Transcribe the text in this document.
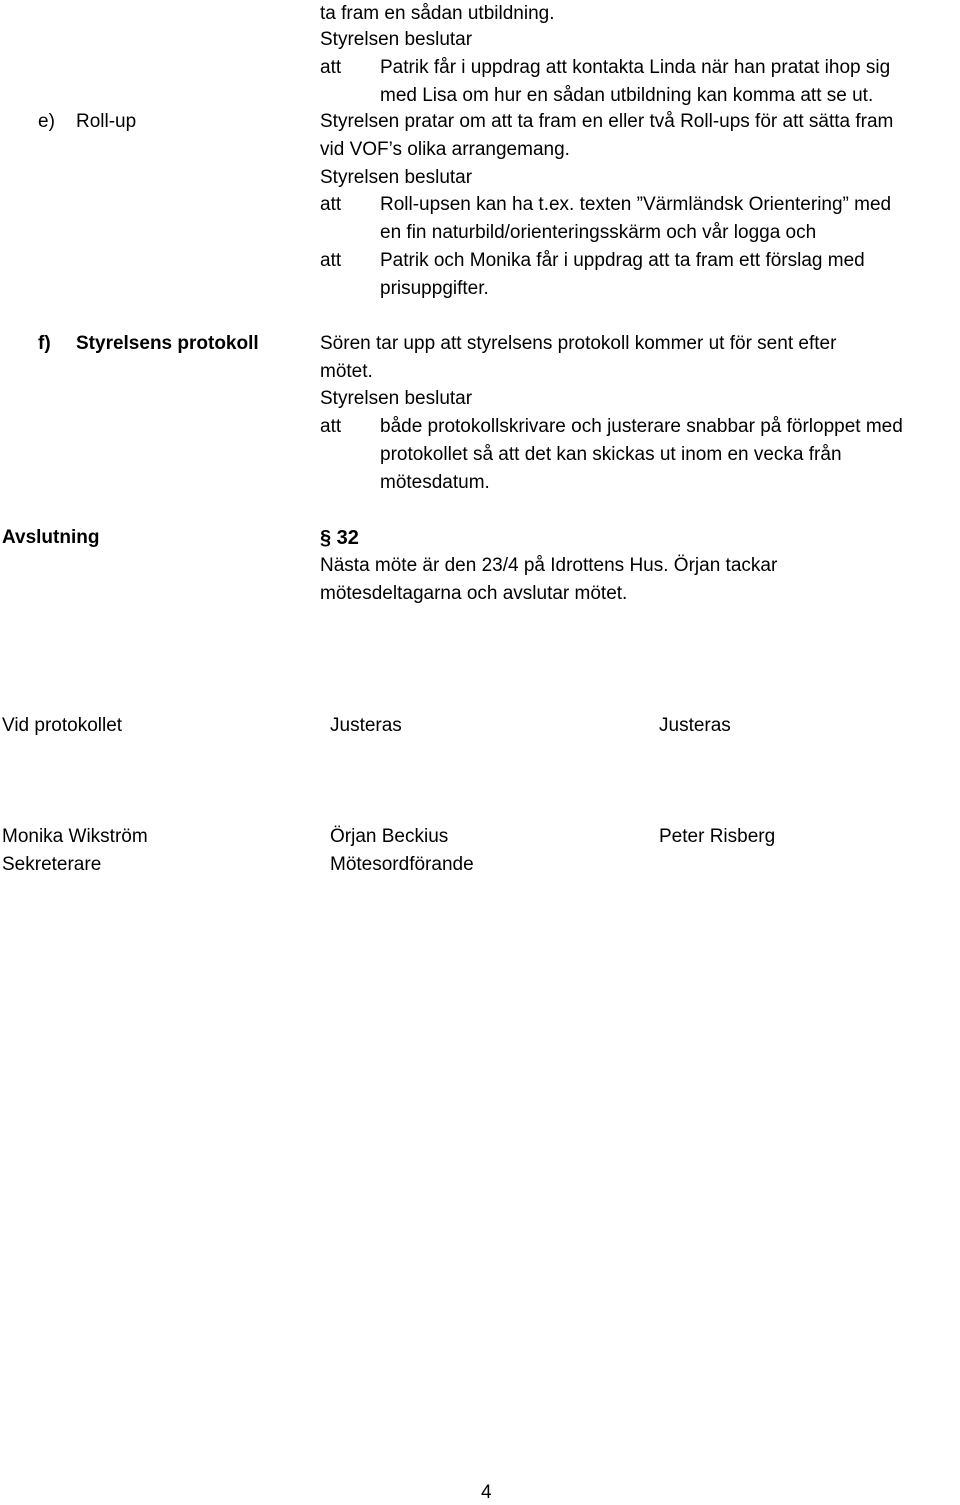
ta fram en sådan utbildning.
Styrelsen beslutar
att Patrik får i uppdrag att kontakta Linda när han pratat ihop sig
med Lisa om hur en sådan utbildning kan komma att se ut.
e) Roll-up	Styrelsen pratar om att ta fram en eller två Roll-ups för att sätta fram
vid VOF’s olika arrangemang.
Styrelsen beslutar
att Roll-upsen kan ha t.ex. texten ”Värmländsk Orientering” med
en fin naturbild/orienteringsskärm och vår logga och
att Patrik och Monika får i uppdrag att ta fram ett förslag med
prisuppgifter.
f) Styrelsens protokoll	Sören tar upp att styrelsens protokoll kommer ut för sent efter
mötet.
Styrelsen beslutar
att både protokollskrivare och justerare snabbar på förloppet med
protokollet så att det kan skickas ut inom en vecka från
mötesdatum.
Avslutning	§ 32
Nästa möte är den 23/4 på Idrottens Hus. Örjan tackar
mötesdeltagarna och avslutar mötet.
Vid protokollet	Justeras	Justeras
Monika Wikström	Örjan Beckius	Peter Risberg
Sekreterare	Mötesordförande
4
